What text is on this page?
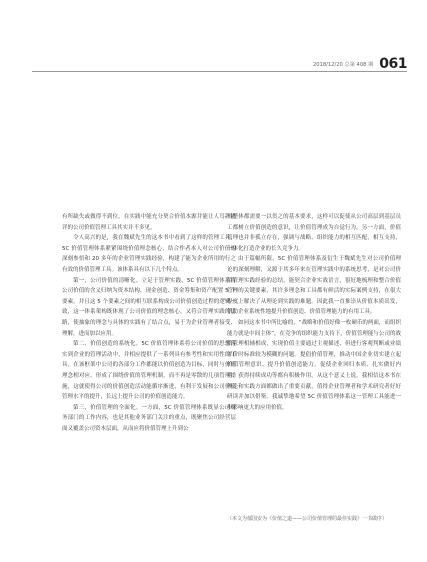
2018/12/20 总第 408 期 061

有所缺失或做得不到位，在实践中能充分契合价值本源并能让人耳熟能详的公司价值管理工具其实并不多见。

令人高兴的是，我在魏斌先生的这本书中看到了这样的管理工具，5C 价值管理体系紧紧围绕价值理念核心，结合作者本人对公司价值的深刻参悟和 20 多年的企业管理实践经验，构建了能为企业所用的行之有效的价值管理工具。该体系具有以下几个特点。

第一，公司价值的清晰化。立足于管理实践，5C 价值管理体系将公司价值的含义归纳为资本结构、现金创造、资金筹集和资产配置 5 个要素，并且这 5 个要素之间的相互联系构成公司价值创造过程的逻辑一致，这一体系架构既体现了公司价值的理念核心，又符合管理实践的思路，使抽象的理念与具体的实践有了结合点，易于为企业管理者接受、理解，进而加以应用。

第二，价值创造的系统化。5C 价值管理体系将公司价值的思想落实到企业的管理活动中，并相应提供了一系列具有参考性和实用性的工具，在该框架中公司的各部分工作都能以价值创造为目标，同时与价值理念相对应，形成了围绕价值的管理机制，而不再是零散的几项管理措施，这就使得公司的价值创造活动能循序渐进，有利于发展和公司价值管理水平的提升，长远上提升公司的价值创造能力。

第三，价值管理的全面化。一方面，5C 价值管理体系既显公司财务部门的工作内容，也是其他业务部门关注的重点，既聚焦公司经营层面又覆盖公司资本层面，从而应将价值管理上升到公

司整体都需要一以贯之的基本要求，这样可以促使从公司高层到基层员工都树立价值创造的意识，让价值管理成为自觉行为。另一方面，价值管理也并非孤立存在，强调与战略、组织能力的相互匹配，相互支持，一体化打造企业的长久竞争力。

由于篇幅所限，5C 价值管理体系及衍生于魏斌先生对公司价值理论的深刻理解，又源于其多年来在管理实践中的系统思考，是对公司价值管理实践经验的总结，能契合企业实战语言，很好地梳理和整合价值管理的关键要素，其许多理念和工具都有鲜活的实际案例支持，在很大程度上解决了从理论到实践的难题。因此我一直推崇从价值本质出发，帮助企业系统性地提升价值创造、价值管理能力的有用工具。

如同这本书中所比喻的，“战略和价值好像一枚硬币的两面，而组织能力就是中间主体”，在竞争的组织能力支持下，价值管理能与公司的战略管理相辅相成，实现价值主要通过主观描述、但进行客观判断或业绩评价时标准较为模糊的问题。提倡价值管理，推动中国企业切实建立起价值管理意识、提升价值创造能力，促使企业回归本质、扎实做好内功、获得持续成功等都有积极作用。从这个意义上说，我相信这本书在理论和实践方面都做出了重要贡献，值得企业管理者和学术研究者好好研读并加以借鉴。我诚挚地希望 5C 价值管理体系这一管理工具能进一步影响更大的应用价值。

（本文为郁国安为《价值之道——公司价值管理的最佳实践》一书做序）
